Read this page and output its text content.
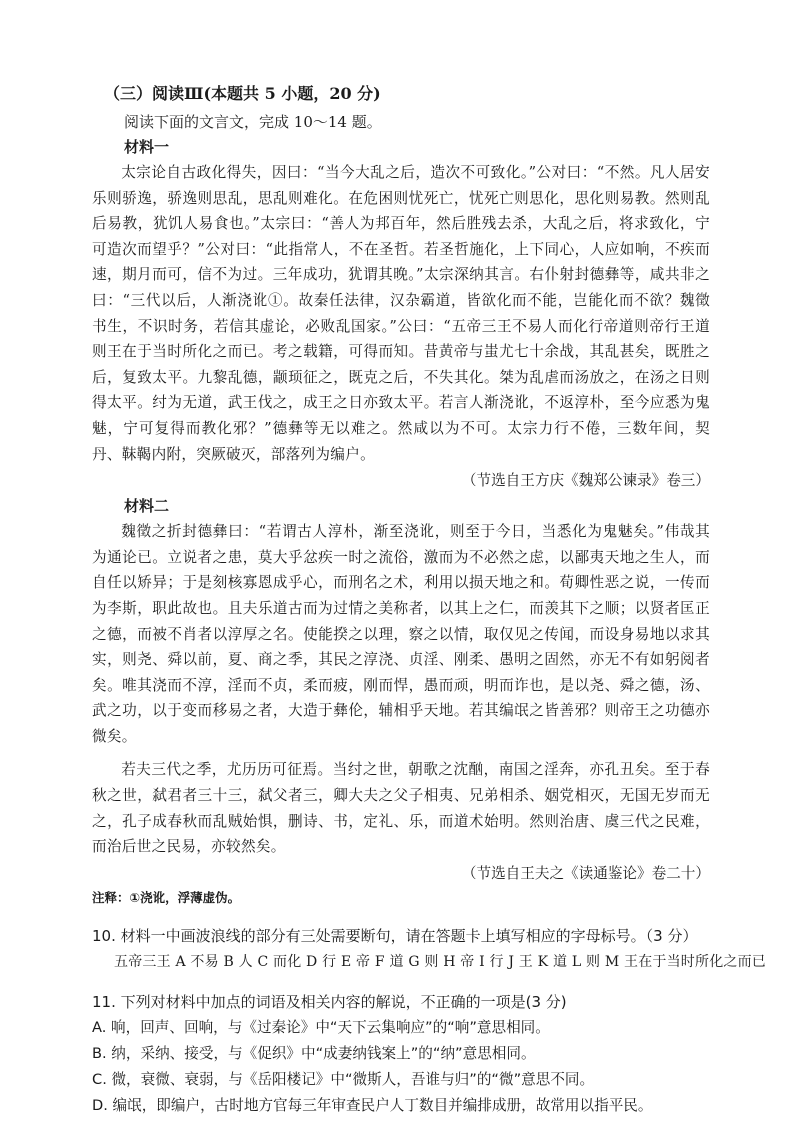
（三）阅读Ⅲ(本题共 5 小题，20 分)
阅读下面的文言文，完成 10～14 题。
材料一

太宗论自古政化得失，因曰：“当今大乱之后，造次不可致化。”公对曰：“不然。凡人居安乐则骄逸，骄逸则思乱，思乱则难化。在危困则忧死亡，忧死亡则思化，思化则易教。然则乱后易教，犹饥人易食也。”太宗曰：“善人为邦百年，然后胜残去杀，大乱之后，将求致化，宁可造次而望乎？”公对曰：“此指常人，不在圣哲。若圣哲施化，上下同心，人应如响，不疾而速，期月而可，信不为过。三年成功，犹谓其晚。”太宗深纳其言。右仆射封德彝等，咸共非之曰：“三代以后，人渐浇讹①。故秦任法律，汉杂霸道，皆欲化而不能，岂能化而不欲？魏徵书生，不识时务，若信其虚论，必败乱国家。”公曰：“五帝三王不易人而化行帝道则帝行王道则王在于当时所化之而已。考之载籍，可得而知。昔黄帝与蚩尤七十余战，其乱甚矣，既胜之后，复致太平。九黎乱德，颛顼征之，既克之后，不失其化。桀为乱虐而汤放之，在汤之日则得太平。纣为无道，武王伐之，成王之日亦致太平。若言人渐浇讹，不返淳朴，至今应悉为鬼魅，宁可复得而教化邪？”德彝等无以难之。然咸以为不可。太宗力行不倦，三数年间，契丹、靺鞨内附，突厥破灭，部落列为编户。

（节选自王方庆《魏郑公谏录》卷三）
材料二

魏徵之折封德彝曰：“若谓古人淳朴，渐至浇讹，则至于今日，当悉化为鬼魅矣。”伟哉其为通论已。立说者之患，莫大乎忿疾一时之流俗，激而为不必然之虑，以鄙夷天地之生人，而自任以矫异；于是刻核寡恩成乎心，而刑名之术，利用以损天地之和。荀卿性恶之说，一传而为李斯，职此故也。且夫乐道古而为过情之美称者，以其上之仁，而羡其下之顺；以贤者匡正之德，而被不肖者以淳厚之名。使能揆之以理，察之以情，取仅见之传闻，而设身易地以求其实，则尧、舜以前，夏、商之季，其民之淳浇、贞淫、刚柔、愚明之固然，亦无不有如躬阅者矣。唯其浇而不淳，淫而不贞，柔而疲，刚而悍，愚而顽，明而诈也，是以尧、舜之德，汤、武之功，以于变而移易之者，大造于彝伦，辅相乎天地。若其编氓之皆善邪？则帝王之功德亦微矣。

若夫三代之季，尤历历可征焉。当纣之世，朝歌之沈酗，南国之淫奔，亦孔丑矣。至于春秋之世，弑君者三十三，弑父者三，卿大夫之父子相夷、兄弟相杀、姻党相灭，无国无岁而无之，孔子成春秋而乱贼始惧，删诗、书，定礼、乐，而道术始明。然则治唐、虞三代之民难，而治后世之民易，亦较然矣。

（节选自王夫之《读通鉴论》卷二十）
注释：①浇讹，浮薄虚伪。

10. 材料一中画波浪线的部分有三处需要断句，请在答题卡上填写相应的字母标号。（3 分）

五帝三王 A 不易 B 人 C 而化 D 行 E 帝 F 道 G 则 H 帝 I 行 J 王 K 道 L 则 M 王在于当时所化之而已

11. 下列对材料中加点的词语及相关内容的解说，不正确的一项是(3 分)

A. 响，回声、回响，与《过秦论》中“天下云集响应”的“响”意思相同。

B. 纳，采纳、接受，与《促织》中“成妻纳钱案上”的“纳”意思相同。

C. 微，衰微、衰弱，与《岳阳楼记》中“微斯人，吾谁与归”的“微”意思不同。

D. 编氓，即编户，古时地方官每三年审查民户人丁数目并编排成册，故常用以指平民。
